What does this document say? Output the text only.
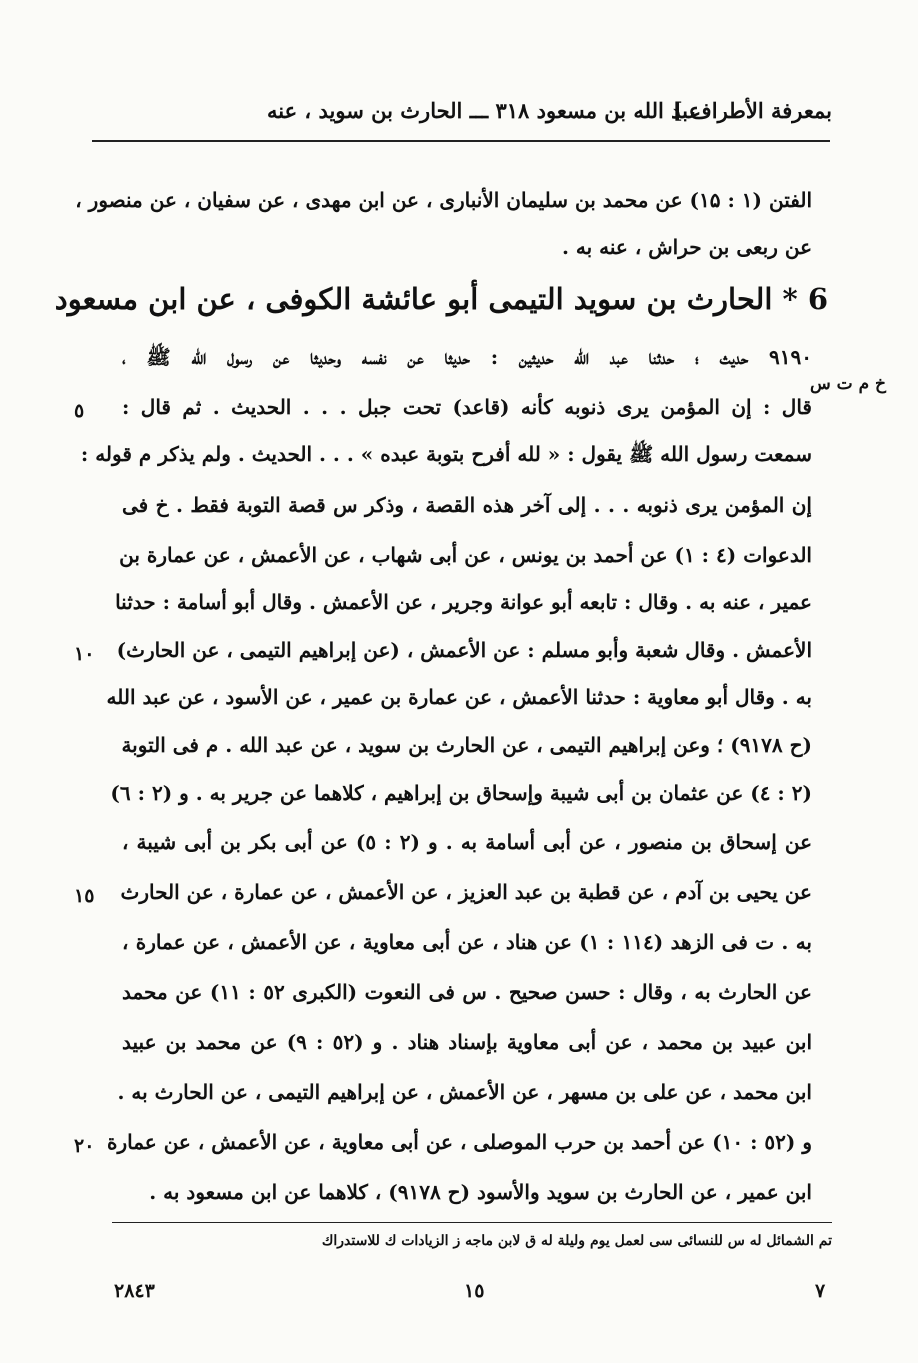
بمعرفة الأطراف ]
عبد الله بن مسعود ۳۱۸ ـــ الحارث بن سويد ، عنه
الفتن (۱ : ۱۵) عن محمد بن سليمان الأنبارى ، عن ابن مهدى ، عن سفيان ، عن منصور ،
عن ربعى بن حراش ، عنه به .
6 * الحارث بن سويد التيمى أبو عائشة الكوفى ، عن ابن مسعود
خ م ت س
٩١٩٠ حديث ؛ حدثنا عبد الله حديثين : حديثا عن نفسه وحديثا عن رسول الله ﷺ ،
قال : إن المؤمن يرى ذنوبه كأنه (قاعد) تحت جبل . . . الحديث . ثم قال :
سمعت رسول الله ﷺ يقول : « لله أفرح بتوبة عبده » . . . الحديث . ولم يذكر م قوله :
إن المؤمن يرى ذنوبه . . . إلى آخر هذه القصة ، وذكر س قصة التوبة فقط . خ فى
الدعوات (٤ : ١) عن أحمد بن يونس ، عن أبى شهاب ، عن الأعمش ، عن عمارة بن
عمير ، عنه به . وقال : تابعه أبو عوانة وجرير ، عن الأعمش . وقال أبو أسامة : حدثنا
الأعمش . وقال شعبة وأبو مسلم : عن الأعمش ، (عن إبراهيم التيمى ، عن الحارث)
به . وقال أبو معاوية : حدثنا الأعمش ، عن عمارة بن عمير ، عن الأسود ، عن عبد الله
(ح ٩١٧٨) ؛ وعن إبراهيم التيمى ، عن الحارث بن سويد ، عن عبد الله . م فى التوبة
(٢ : ٤) عن عثمان بن أبى شيبة وإسحاق بن إبراهيم ، كلاهما عن جرير به . و (٢ : ٦)
عن إسحاق بن منصور ، عن أبى أسامة به . و (٢ : ٥) عن أبى بكر بن أبى شيبة ،
عن يحيى بن آدم ، عن قطبة بن عبد العزيز ، عن الأعمش ، عن عمارة ، عن الحارث
به . ت فى الزهد (١١٤ : ١) عن هناد ، عن أبى معاوية ، عن الأعمش ، عن عمارة ،
عن الحارث به ، وقال : حسن صحيح . س فى النعوت (الكبرى ٥٢ : ١١) عن محمد
ابن عبيد بن محمد ، عن أبى معاوية بإسناد هناد . و (٥٢ : ٩) عن محمد بن عبيد
ابن محمد ، عن على بن مسهر ، عن الأعمش ، عن إبراهيم التيمى ، عن الحارث به .
و (٥٢ : ١٠) عن أحمد بن حرب الموصلى ، عن أبى معاوية ، عن الأعمش ، عن عمارة
ابن عمير ، عن الحارث بن سويد والأسود (ح ٩١٧٨) ، كلاهما عن ابن مسعود به .
٥
١٠
١٥
٢٠
تم الشمائل له س للنسائى سى لعمل يوم وليلة له ق لابن ماجه ز الزيادات ك للاستدراك
٧
١٥
٢٨٤٣
